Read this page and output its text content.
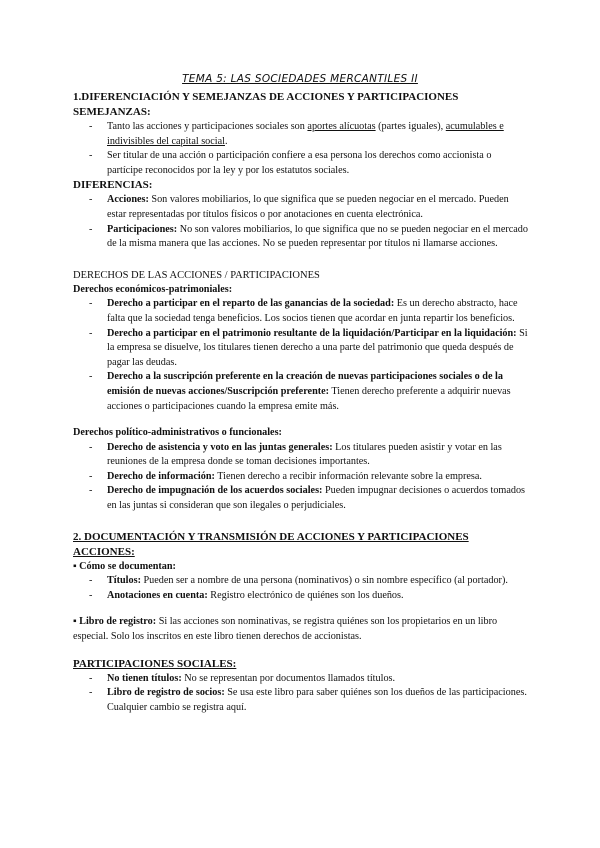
TEMA 5: LAS SOCIEDADES MERCANTILES II
1.DIFERENCIACIÓN Y SEMEJANZAS DE ACCIONES Y PARTICIPACIONES
SEMEJANZAS:
- Tanto las acciones y participaciones sociales son aportes alícuotas (partes iguales), acumulables e indivisibles del capital social.
- Ser titular de una acción o participación confiere a esa persona los derechos como accionista o partícipe reconocidos por la ley y por los estatutos sociales.
DIFERENCIAS:
- Acciones: Son valores mobiliarios, lo que significa que se pueden negociar en el mercado. Pueden estar representadas por títulos físicos o por anotaciones en cuenta electrónica.
- Participaciones: No son valores mobiliarios, lo que significa que no se pueden negociar en el mercado de la misma manera que las acciones. No se pueden representar por títulos ni llamarse acciones.
DERECHOS DE LAS ACCIONES / PARTICIPACIONES
Derechos económicos-patrimoniales:
- Derecho a participar en el reparto de las ganancias de la sociedad: Es un derecho abstracto, hace falta que la sociedad tenga beneficios. Los socios tienen que acordar en junta repartir los beneficios.
- Derecho a participar en el patrimonio resultante de la liquidación/Participar en la liquidación: Si la empresa se disuelve, los titulares tienen derecho a una parte del patrimonio que queda después de pagar las deudas.
- Derecho a la suscripción preferente en la creación de nuevas participaciones sociales o de la emisión de nuevas acciones/Suscripción preferente: Tienen derecho preferente a adquirir nuevas acciones o participaciones cuando la empresa emite más.
Derechos político-administrativos o funcionales:
- Derecho de asistencia y voto en las juntas generales: Los titulares pueden asistir y votar en las reuniones de la empresa donde se toman decisiones importantes.
- Derecho de información: Tienen derecho a recibir información relevante sobre la empresa.
- Derecho de impugnación de los acuerdos sociales: Pueden impugnar decisiones o acuerdos tomados en las juntas si consideran que son ilegales o perjudiciales.
2. DOCUMENTACIÓN Y TRANSMISIÓN DE ACCIONES Y PARTICIPACIONES ACCIONES:
▪ Cómo se documentan:
- Títulos: Pueden ser a nombre de una persona (nominativos) o sin nombre específico (al portador).
- Anotaciones en cuenta: Registro electrónico de quiénes son los dueños.
▪ Libro de registro: Si las acciones son nominativas, se registra quiénes son los propietarios en un libro especial. Solo los inscritos en este libro tienen derechos de accionistas.
PARTICIPACIONES SOCIALES:
- No tienen títulos: No se representan por documentos llamados títulos.
- Libro de registro de socios: Se usa este libro para saber quiénes son los dueños de las participaciones. Cualquier cambio se registra aquí.
